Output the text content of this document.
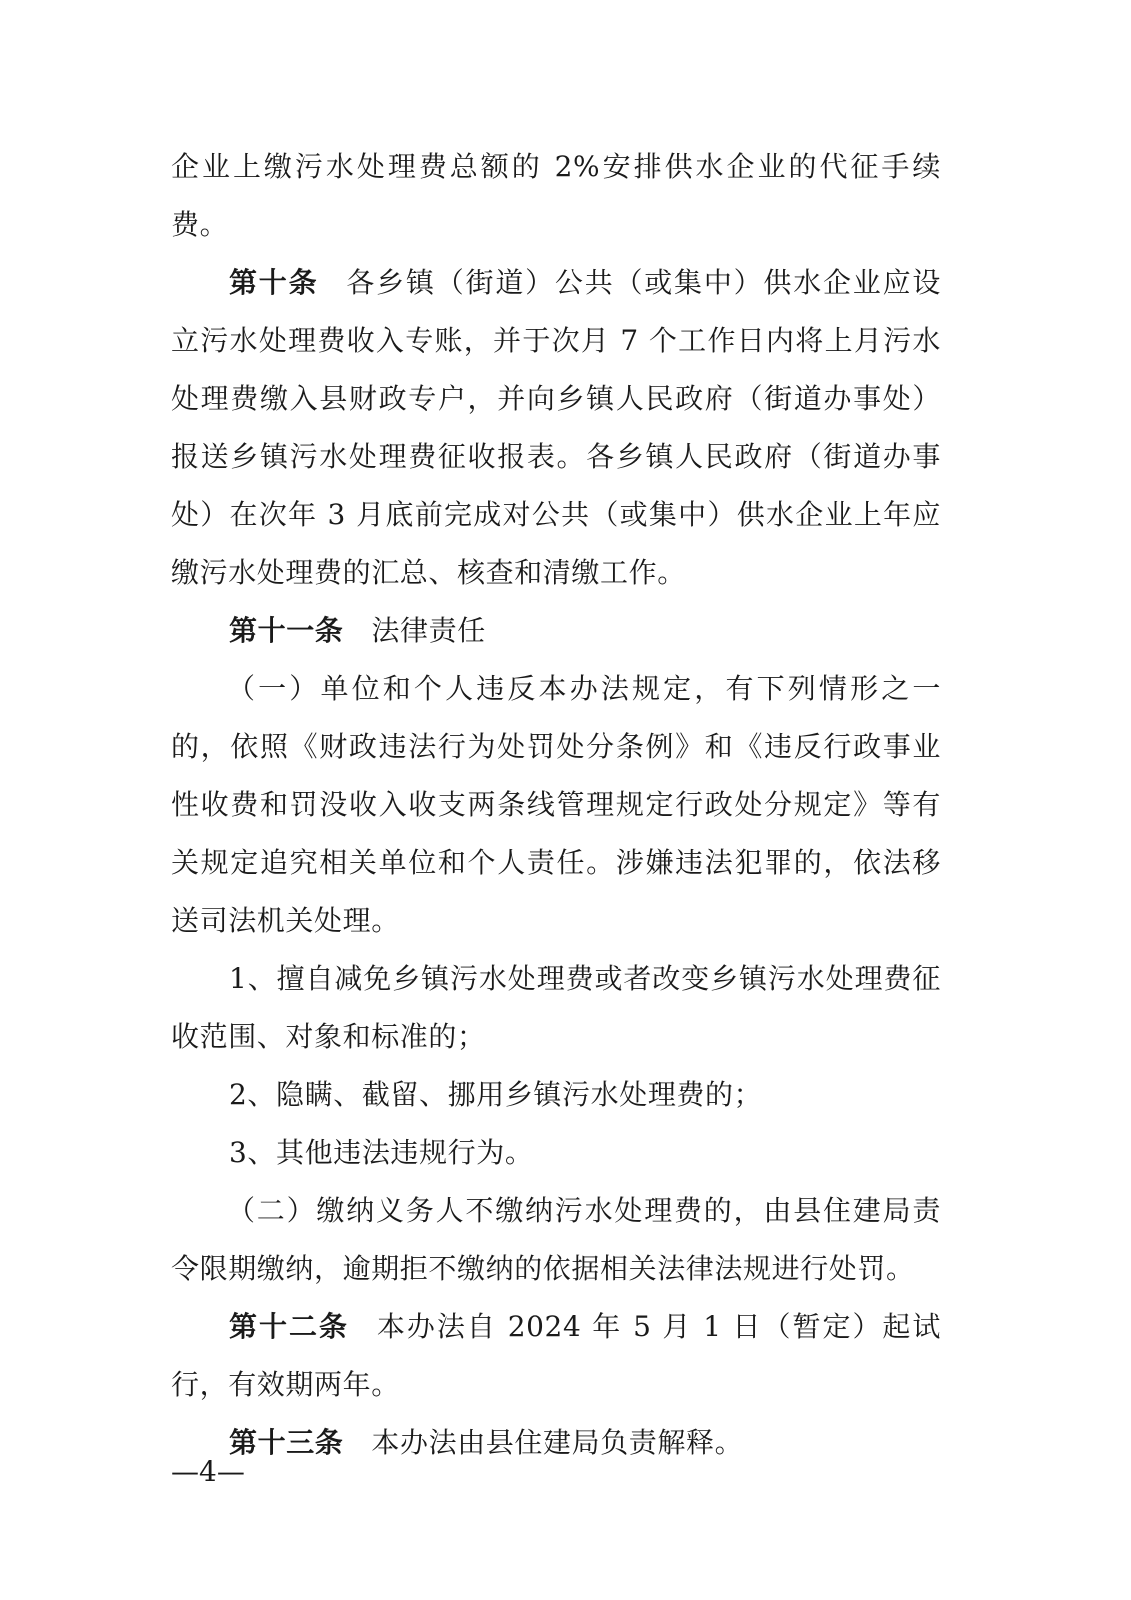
企业上缴污水处理费总额的 2%安排供水企业的代征手续费。

第十条 各乡镇（街道）公共（或集中）供水企业应设立污水处理费收入专账，并于次月 7 个工作日内将上月污水处理费缴入县财政专户，并向乡镇人民政府（街道办事处）报送乡镇污水处理费征收报表。各乡镇人民政府（街道办事处）在次年 3 月底前完成对公共（或集中）供水企业上年应缴污水处理费的汇总、核查和清缴工作。

第十一条 法律责任

（一）单位和个人违反本办法规定，有下列情形之一的，依照《财政违法行为处罚处分条例》和《违反行政事业性收费和罚没收入收支两条线管理规定行政处分规定》等有关规定追究相关单位和个人责任。涉嫌违法犯罪的，依法移送司法机关处理。

1、擅自减免乡镇污水处理费或者改变乡镇污水处理费征收范围、对象和标准的；

2、隐瞒、截留、挪用乡镇污水处理费的；

3、其他违法违规行为。

（二）缴纳义务人不缴纳污水处理费的，由县住建局责令限期缴纳，逾期拒不缴纳的依据相关法律法规进行处罚。

第十二条 本办法自 2024 年 5 月 1 日（暂定）起试行，有效期两年。

第十三条 本办法由县住建局负责解释。

—4—
